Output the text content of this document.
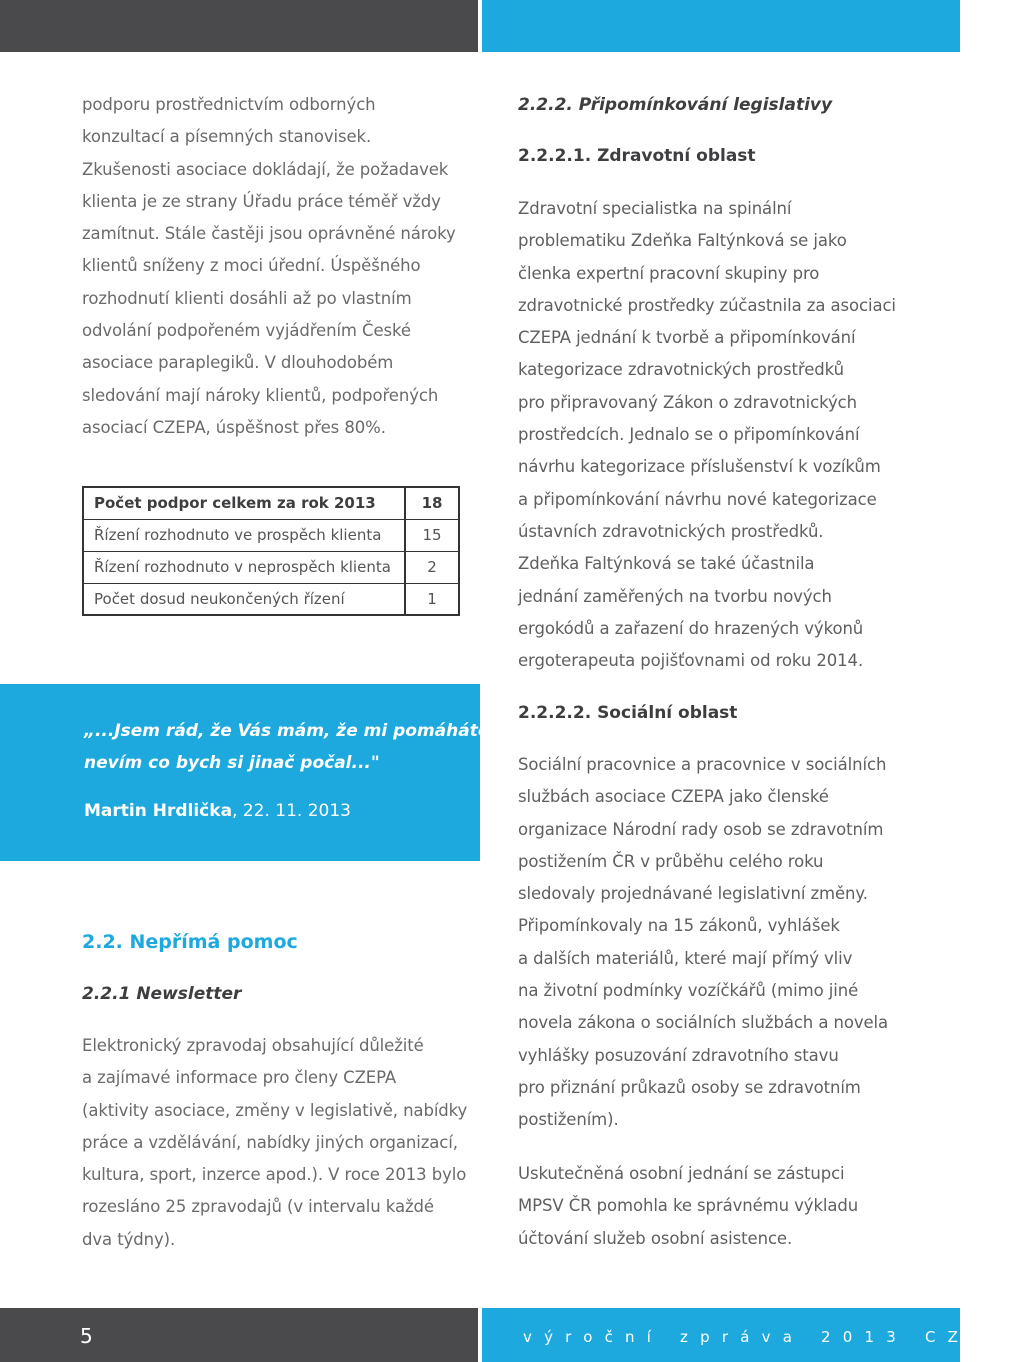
podporu prostřednictvím odborných
konzultací a písemných stanovisek.
Zkušenosti asociace dokládají, že požadavek
klienta je ze strany Úřadu práce téměř vždy
zamítnut. Stále častěji jsou oprávněné nároky
klientů sníženy z moci úřední. Úspěšného
rozhodnutí klienti dosáhli až po vlastním
odvolání podpořeném vyjádřením České
asociace paraplegiků. V dlouhodobém
sledování mají nároky klientů, podpořených
asociací CZEPA, úspěšnost přes 80%.
Počet podpor celkem za rok 2013	18
Řízení rozhodnuto ve prospěch klienta	15
Řízení rozhodnuto v neprospěch klienta	2
Počet dosud neukončených řízení	1
„...Jsem rád, že Vás mám, že mi pomáháte,
nevím co bych si jinač počal..."
Martin Hrdlička, 22. 11. 2013
2.2. Nepřímá pomoc
2.2.1 Newsletter
Elektronický zpravodaj obsahující důležité
a zajímavé informace pro členy CZEPA
(aktivity asociace, změny v legislativě, nabídky
práce a vzdělávání, nabídky jiných organizací,
kultura, sport, inzerce apod.). V roce 2013 bylo
rozesláno 25 zpravodajů (v intervalu každé
dva týdny).
2.2.2. Připomínkování legislativy
2.2.2.1. Zdravotní oblast
Zdravotní specialistka na spinální
problematiku Zdeňka Faltýnková se jako
členka expertní pracovní skupiny pro
zdravotnické prostředky zúčastnila za asociaci
CZEPA jednání k tvorbě a připomínkování
kategorizace zdravotnických prostředků
pro připravovaný Zákon o zdravotnických
prostředcích. Jednalo se o připomínkování
návrhu kategorizace příslušenství k vozíkům
a připomínkování návrhu nové kategorizace
ústavních zdravotnických prostředků.
Zdeňka Faltýnková se také účastnila
jednání zaměřených na tvorbu nových
ergokódů a zařazení do hrazených výkonů
ergoterapeuta pojišťovnami od roku 2014.
2.2.2.2. Sociální oblast
Sociální pracovnice a pracovnice v sociálních
službách asociace CZEPA jako členské
organizace Národní rady osob se zdravotním
postižením ČR v průběhu celého roku
sledovaly projednávané legislativní změny.
Připomínkovaly na 15 zákonů, vyhlášek
a dalších materiálů, které mají přímý vliv
na životní podmínky vozíčkářů (mimo jiné
novela zákona o sociálních službách a novela
vyhlášky posuzování zdravotního stavu
pro přiznání průkazů osoby se zdravotním
postižením).
Uskutečněná osobní jednání se zástupci
MPSV ČR pomohla ke správnému výkladu
účtování služeb osobní asistence.
5	výroční zpráva 2013 CZEPA
